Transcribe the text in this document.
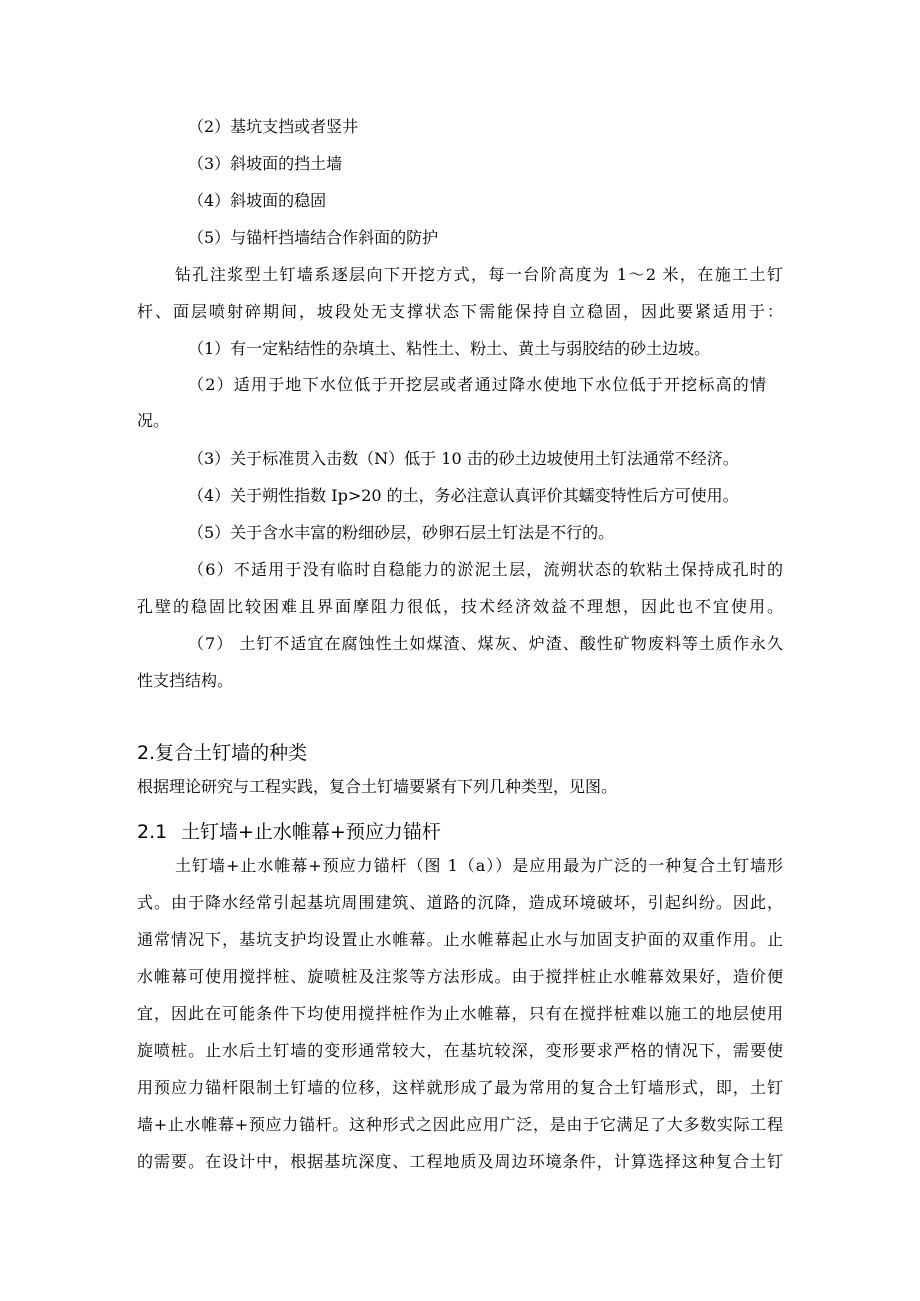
（2）基坑支挡或者竖井

（3）斜坡面的挡土墙

（4）斜坡面的稳固

（5）与锚杆挡墙结合作斜面的防护

钻孔注浆型土钉墙系逐层向下开挖方式，每一台阶高度为 1～2 米，在施工土钉

杆、面层喷射碎期间，坡段处无支撑状态下需能保持自立稳固，因此要紧适用于：

（1）有一定粘结性的杂填土、粘性土、粉土、黄土与弱胶结的砂土边坡。

（2）适用于地下水位低于开挖层或者通过降水使地下水位低于开挖标高的情

况。

（3）关于标准贯入击数（N）低于 10 击的砂土边坡使用土钉法通常不经济。

（4）关于朔性指数 Ip>20 的土，务必注意认真评价其蠕变特性后方可使用。

（5）关于含水丰富的粉细砂层，砂卵石层土钉法是不行的。

（6）不适用于没有临时自稳能力的淤泥土层，流朔状态的软粘土保持成孔时的

孔壁的稳固比较困难且界面摩阻力很低，技术经济效益不理想，因此也不宜使用。

（7） 土钉不适宜在腐蚀性土如煤渣、煤灰、炉渣、酸性矿物废料等土质作永久

性支挡结构。

2.复合土钉墙的种类

根据理论研究与工程实践，复合土钉墙要紧有下列几种类型，见图。

2.1 土钉墙+止水帷幕+预应力锚杆

土钉墙+止水帷幕+预应力锚杆（图 1（a））是应用最为广泛的一种复合土钉墙形

式。由于降水经常引起基坑周围建筑、道路的沉降，造成环境破坏，引起纠纷。因此，

通常情况下，基坑支护均设置止水帷幕。止水帷幕起止水与加固支护面的双重作用。止

水帷幕可使用搅拌桩、旋喷桩及注浆等方法形成。由于搅拌桩止水帷幕效果好，造价便

宜，因此在可能条件下均使用搅拌桩作为止水帷幕，只有在搅拌桩难以施工的地层使用

旋喷桩。止水后土钉墙的变形通常较大，在基坑较深，变形要求严格的情况下，需要使

用预应力锚杆限制土钉墙的位移，这样就形成了最为常用的复合土钉墙形式，即，土钉

墙+止水帷幕+预应力锚杆。这种形式之因此应用广泛，是由于它满足了大多数实际工程

的需要。在设计中，根据基坑深度、工程地质及周边环境条件，计算选择这种复合土钉
